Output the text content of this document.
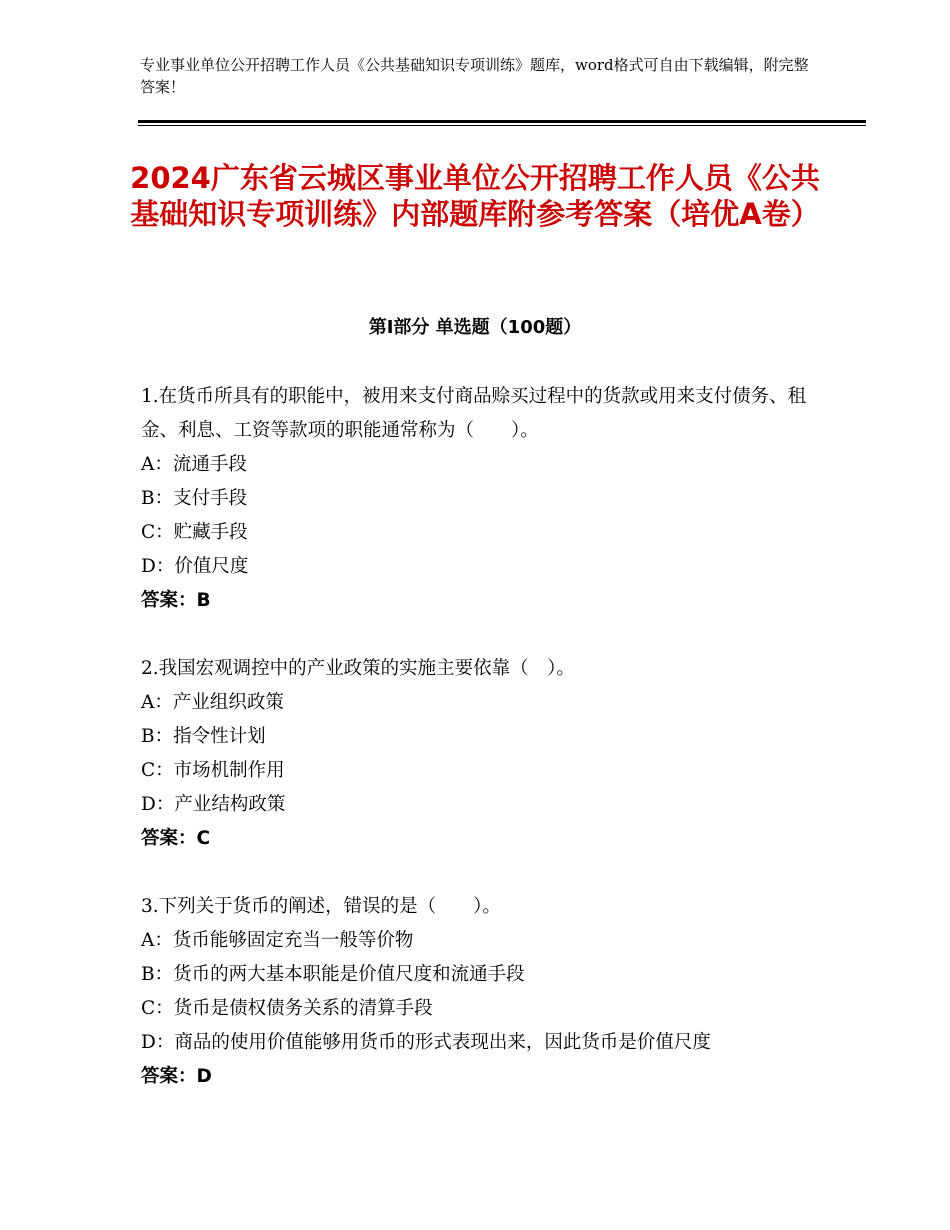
专业事业单位公开招聘工作人员《公共基础知识专项训练》题库，word格式可自由下载编辑，附完整答案！
2024广东省云城区事业单位公开招聘工作人员《公共基础知识专项训练》内部题库附参考答案（培优A卷）
第Ⅰ部分 单选题（100题）
1.在货币所具有的职能中，被用来支付商品赊买过程中的货款或用来支付债务、租金、利息、工资等款项的职能通常称为（　　）。
A：流通手段
B：支付手段
C：贮藏手段
D：价值尺度
答案：B
2.我国宏观调控中的产业政策的实施主要依靠（　）。
A：产业组织政策
B：指令性计划
C：市场机制作用
D：产业结构政策
答案：C
3.下列关于货币的阐述，错误的是（　　）。
A：货币能够固定充当一般等价物
B：货币的两大基本职能是价值尺度和流通手段
C：货币是债权债务关系的清算手段
D：商品的使用价值能够用货币的形式表现出来，因此货币是价值尺度
答案：D
